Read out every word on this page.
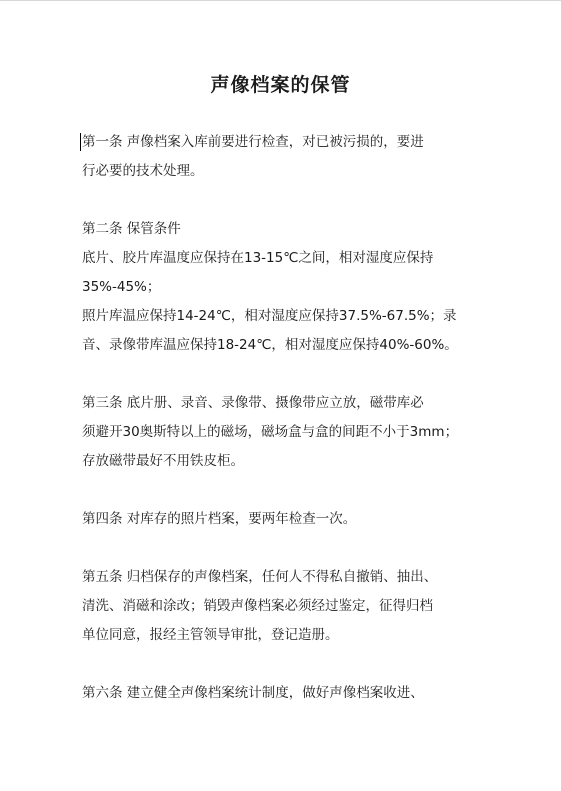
声像档案的保管
第一条 声像档案入库前要进行检查，对已被污损的，要进
行必要的技术处理。
第二条 保管条件
底片、胶片库温度应保持在13-15℃之间，相对湿度应保持
35%-45%；
照片库温应保持14-24℃，相对湿度应保持37.5%-67.5%；录
音、录像带库温应保持18-24℃，相对湿度应保持40%-60%。
第三条 底片册、录音、录像带、摄像带应立放，磁带库必
须避开30奥斯特以上的磁场，磁场盒与盒的间距不小于3mm；
存放磁带最好不用铁皮柜。
第四条 对库存的照片档案，要两年检查一次。
第五条 归档保存的声像档案，任何人不得私自撤销、抽出、
清洗、消磁和涂改；销毁声像档案必须经过鉴定，征得归档
单位同意，报经主管领导审批，登记造册。
第六条 建立健全声像档案统计制度，做好声像档案收进、
